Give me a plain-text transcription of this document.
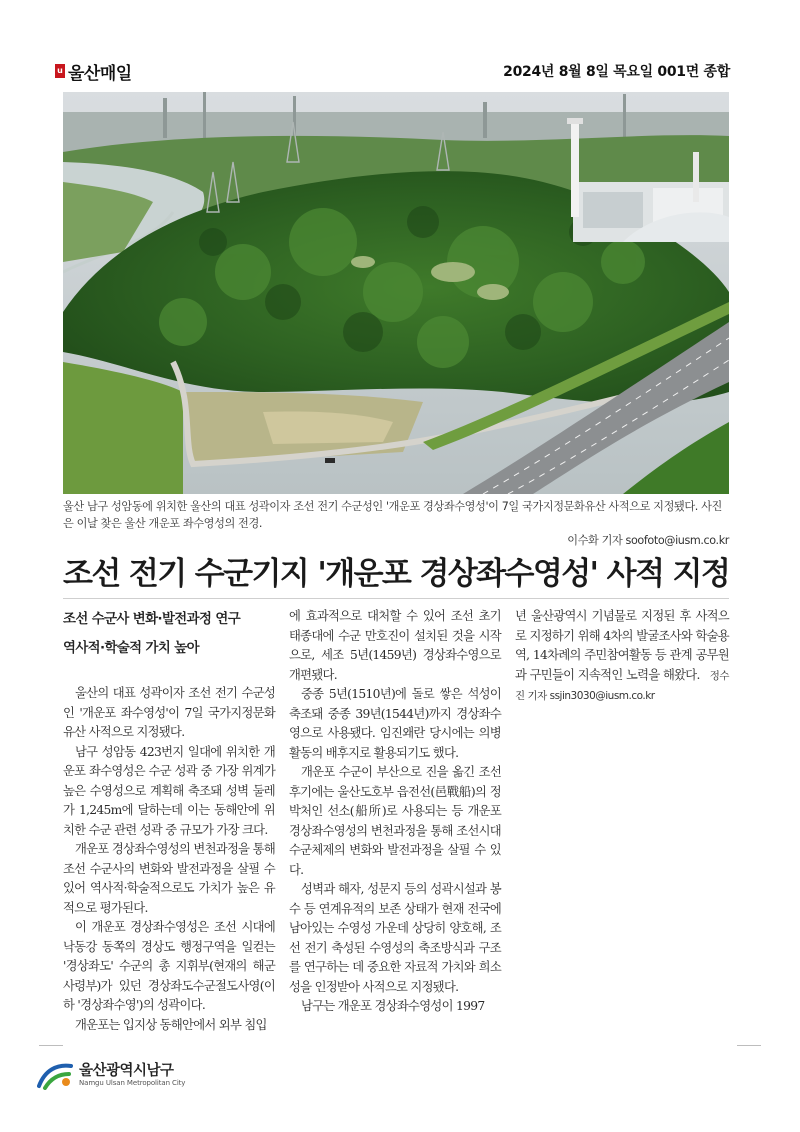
u 울산매일	2024년 8월 8일 목요일 001면 종합
울산 남구 성암동에 위치한 울산의 대표 성곽이자 조선 전기 수군성인 '개운포 경상좌수영성'이 7일 국가지정문화유산 사적으로 지정됐다. 사진은 이날 찾은 울산 개운포 좌수영성의 전경.
이수화 기자 soofoto@iusm.co.kr
조선 전기 수군기지 '개운포 경상좌수영성' 사적 지정
조선 수군사 변화·발전과정 연구
역사적·학술적 가치 높아

울산의 대표 성곽이자 조선 전기 수군성인 '개운포 좌수영성'이 7일 국가지정문화유산 사적으로 지정됐다.

남구 성암동 423번지 일대에 위치한 개운포 좌수영성은 수군 성곽 중 가장 위계가 높은 수영성으로 계획해 축조돼 성벽 둘레가 1,245m에 달하는데 이는 동해안에 위치한 수군 관련 성곽 중 규모가 가장 크다.

개운포 경상좌수영성의 변천과정을 통해 조선 수군사의 변화와 발전과정을 살필 수 있어 역사적·학술적으로도 가치가 높은 유적으로 평가된다.

이 개운포 경상좌수영성은 조선 시대에 낙동강 동쪽의 경상도 행정구역을 일컫는 '경상좌도' 수군의 총 지휘부(현재의 해군사령부)가 있던 경상좌도수군절도사영(이하 '경상좌수영')의 성곽이다.

개운포는 입지상 동해안에서 외부 침입

에 효과적으로 대처할 수 있어 조선 초기 태종대에 수군 만호진이 설치된 것을 시작으로, 세조 5년(1459년) 경상좌수영으로 개편됐다.

중종 5년(1510년)에 돌로 쌓은 석성이 축조돼 중종 39년(1544년)까지 경상좌수영으로 사용됐다. 임진왜란 당시에는 의병활동의 배후지로 활용되기도 했다.

개운포 수군이 부산으로 진을 옮긴 조선 후기에는 울산도호부 읍전선(邑戰船)의 정박처인 선소(船所)로 사용되는 등 개운포 경상좌수영성의 변천과정을 통해 조선시대 수군체제의 변화와 발전과정을 살필 수 있다.

성벽과 해자, 성문지 등의 성곽시설과 봉수 등 연계유적의 보존 상태가 현재 전국에 남아있는 수영성 가운데 상당히 양호해, 조선 전기 축성된 수영성의 축조방식과 구조를 연구하는 데 중요한 자료적 가치와 희소성을 인정받아 사적으로 지정됐다.

남구는 개운포 경상좌수영성이 1997

년 울산광역시 기념물로 지정된 후 사적으로 지정하기 위해 4차의 발굴조사와 학술용역, 14차례의 주민참여활동 등 관계 공무원과 구민들이 지속적인 노력을 해왔다. 정수진 기자 ssjin3030@iusm.co.kr

울산광역시남구
Namgu Ulsan Metropolitan City
